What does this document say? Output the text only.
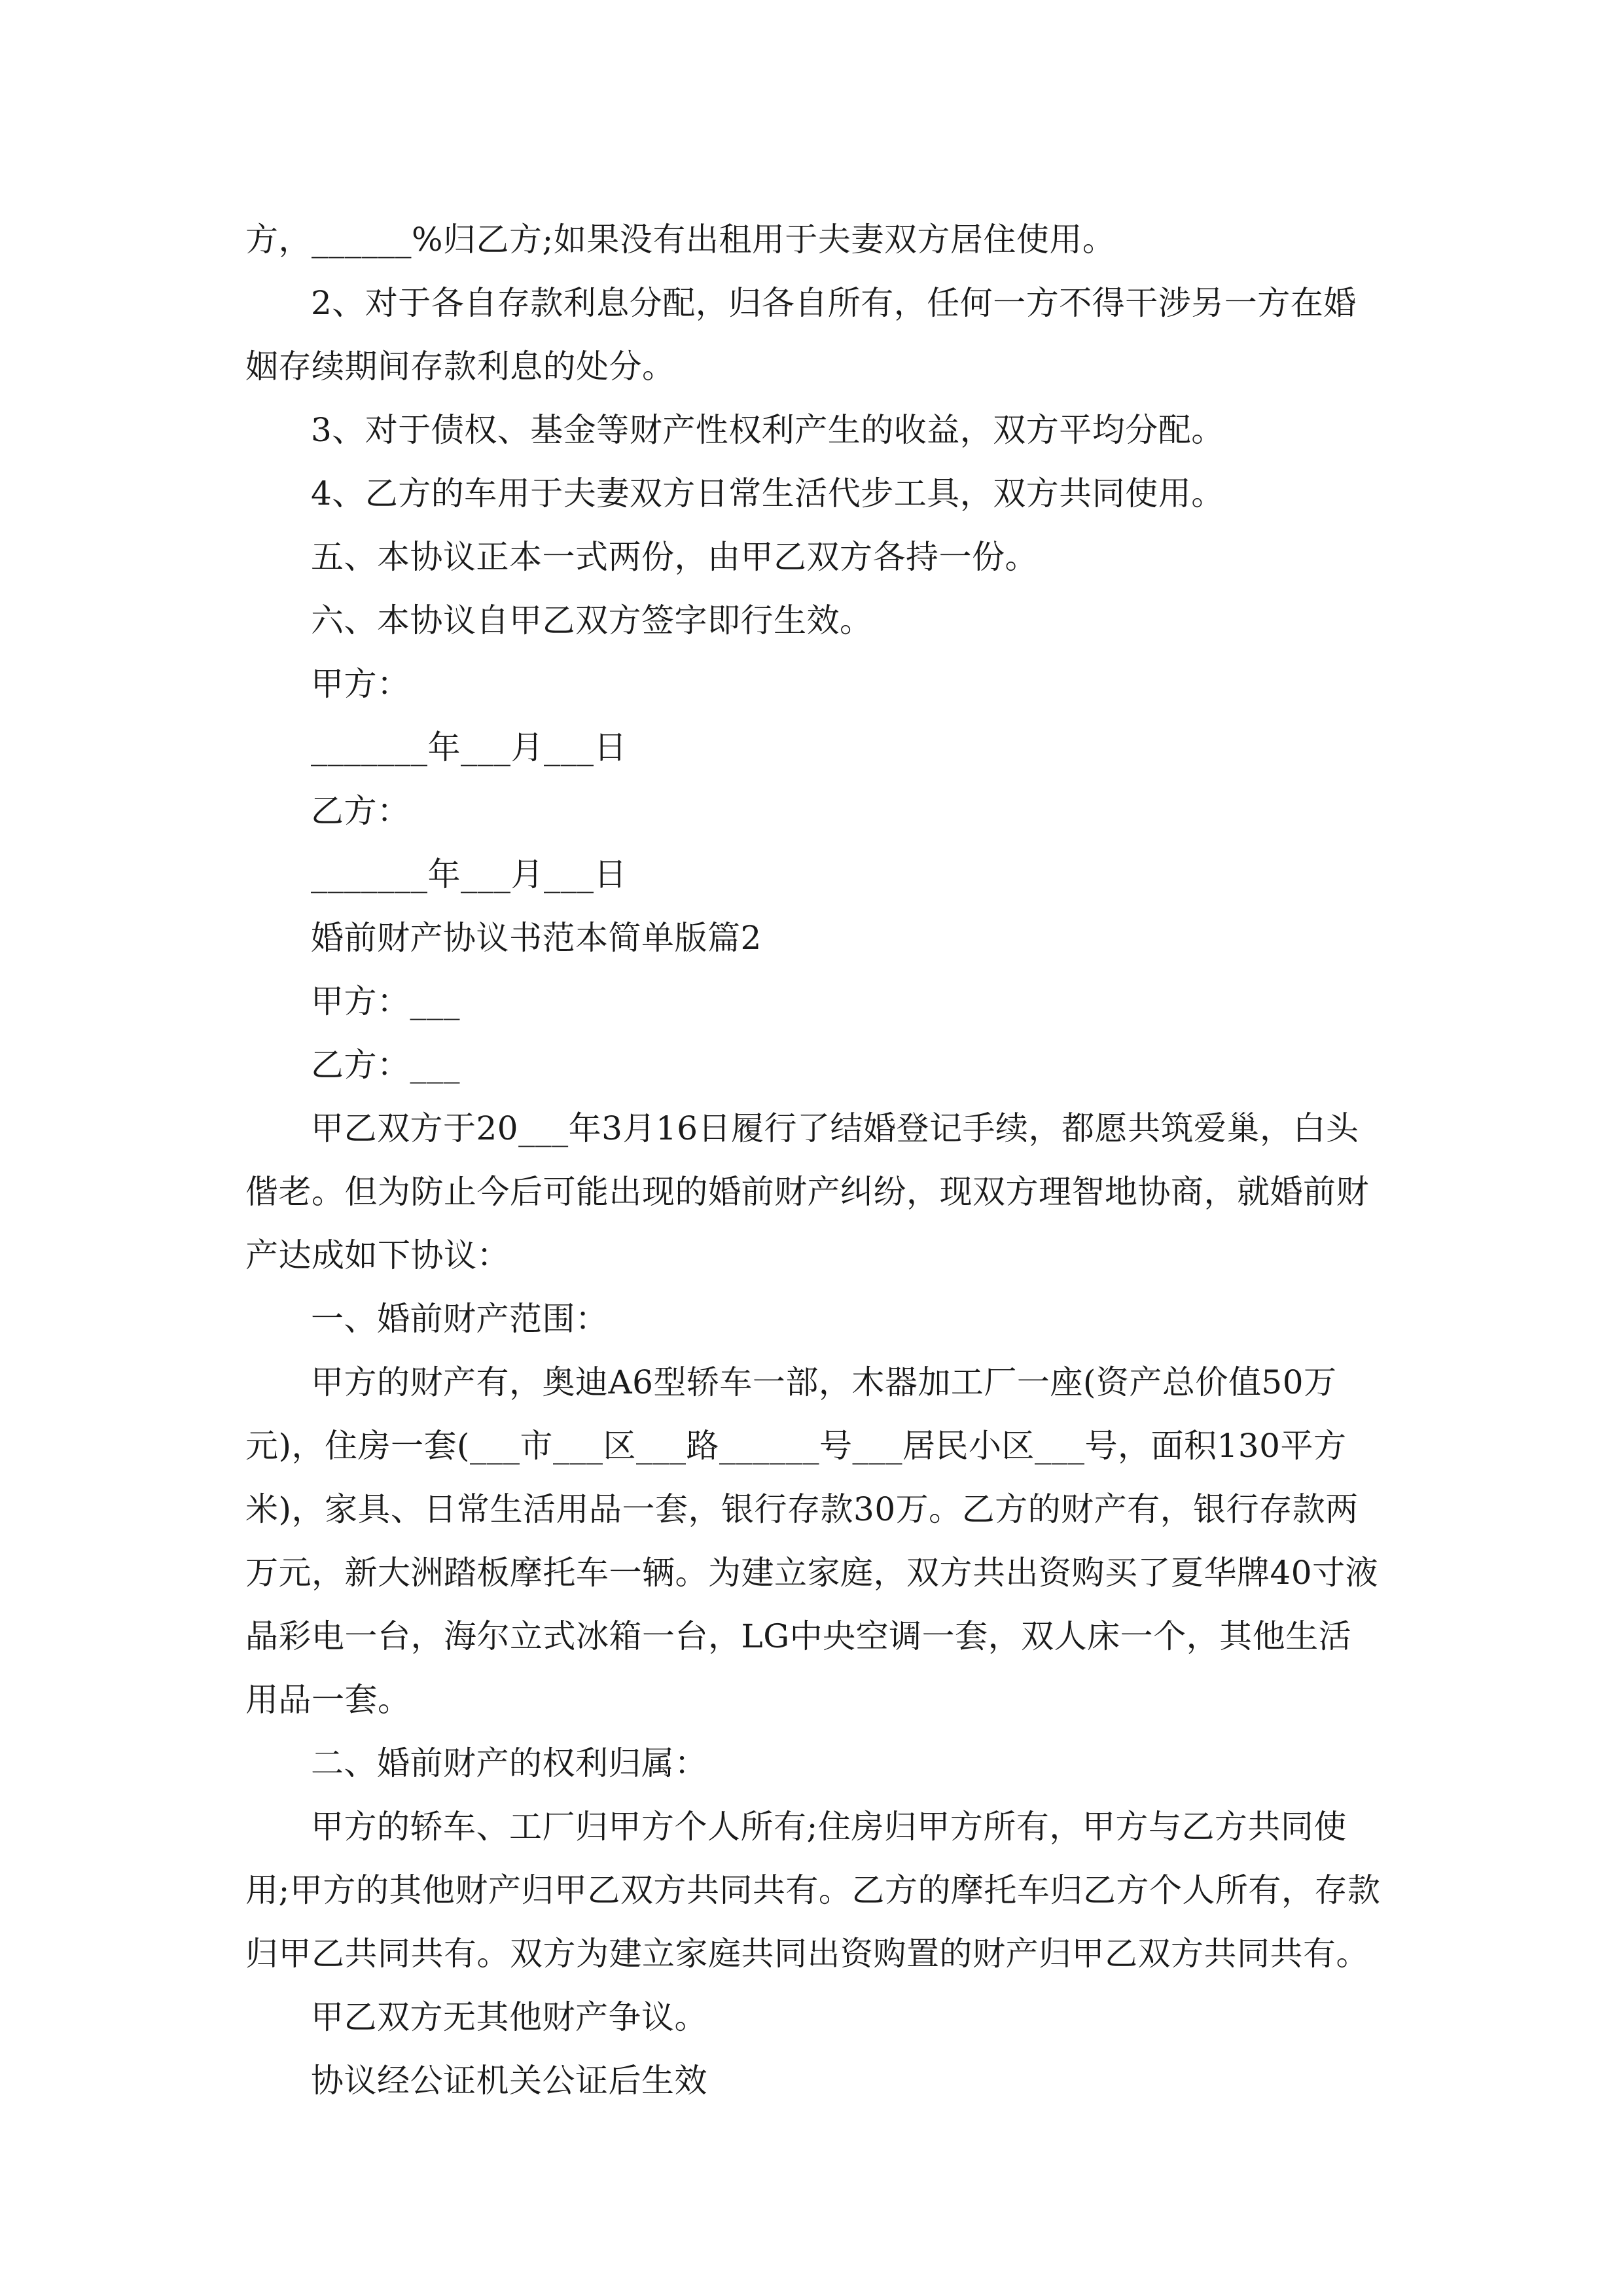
方，______%归乙方;如果没有出租用于夫妻双方居住使用。

2、对于各自存款利息分配，归各自所有，任何一方不得干涉另一方在婚姻存续期间存款利息的处分。

3、对于债权、基金等财产性权利产生的收益，双方平均分配。

4、乙方的车用于夫妻双方日常生活代步工具，双方共同使用。

五、本协议正本一式两份，由甲乙双方各持一份。

六、本协议自甲乙双方签字即行生效。

甲方：

_______年___月___日

乙方：

_______年___月___日

婚前财产协议书范本简单版篇2

甲方：___

乙方：___

甲乙双方于20___年3月16日履行了结婚登记手续，都愿共筑爱巢，白头偕老。但为防止今后可能出现的婚前财产纠纷，现双方理智地协商，就婚前财产达成如下协议：

一、婚前财产范围：

甲方的财产有，奥迪A6型轿车一部，木器加工厂一座(资产总价值50万元)，住房一套(___市___区___路______号___居民小区___号，面积130平方米)，家具、日常生活用品一套，银行存款30万。乙方的财产有，银行存款两万元，新大洲踏板摩托车一辆。为建立家庭，双方共出资购买了夏华牌40寸液晶彩电一台，海尔立式冰箱一台，LG中央空调一套，双人床一个，其他生活用品一套。

二、婚前财产的权利归属：

甲方的轿车、工厂归甲方个人所有;住房归甲方所有，甲方与乙方共同使用;甲方的其他财产归甲乙双方共同共有。乙方的摩托车归乙方个人所有，存款归甲乙共同共有。双方为建立家庭共同出资购置的财产归甲乙双方共同共有。

甲乙双方无其他财产争议。

协议经公证机关公证后生效
